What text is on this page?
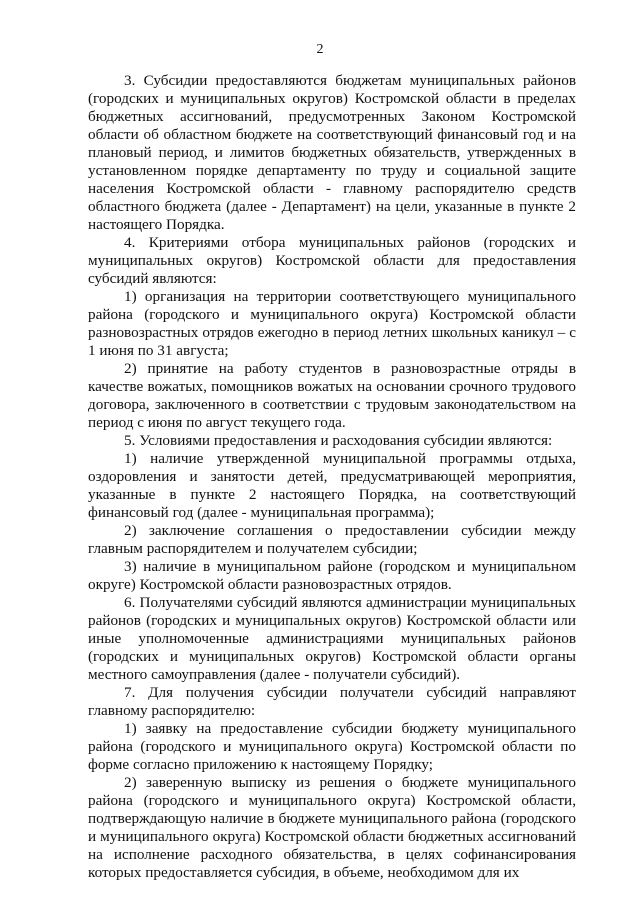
2

3. Субсидии предоставляются бюджетам муниципальных районов (городских и муниципальных округов) Костромской области в пределах бюджетных ассигнований, предусмотренных Законом Костромской области об областном бюджете на соответствующий финансовый год и на плановый период, и лимитов бюджетных обязательств, утвержденных в установленном порядке департаменту по труду и социальной защите населения Костромской области - главному распорядителю средств областного бюджета (далее - Департамент) на цели, указанные в пункте 2 настоящего Порядка.

4. Критериями отбора муниципальных районов (городских и муниципальных округов) Костромской области для предоставления субсидий являются:

1) организация на территории соответствующего муниципального района (городского и муниципального округа) Костромской области разновозрастных отрядов ежегодно в период летних школьных каникул – с 1 июня по 31 августа;

2) принятие на работу студентов в разновозрастные отряды в качестве вожатых, помощников вожатых на основании срочного трудового договора, заключенного в соответствии с трудовым законодательством на период с июня по август текущего года.

5. Условиями предоставления и расходования субсидии являются:

1) наличие утвержденной муниципальной программы отдыха, оздоровления и занятости детей, предусматривающей мероприятия, указанные в пункте 2 настоящего Порядка, на соответствующий финансовый год (далее - муниципальная программа);

2) заключение соглашения о предоставлении субсидии между главным распорядителем и получателем субсидии;

3) наличие в муниципальном районе (городском и муниципальном округе) Костромской области разновозрастных отрядов.

6. Получателями субсидий являются администрации муниципальных районов (городских и муниципальных округов) Костромской области или иные уполномоченные администрациями муниципальных районов (городских и муниципальных округов) Костромской области органы местного самоуправления (далее - получатели субсидий).

7. Для получения субсидии получатели субсидий направляют главному распорядителю:

1) заявку на предоставление субсидии бюджету муниципального района (городского и муниципального округа) Костромской области по форме согласно приложению к настоящему Порядку;

2) заверенную выписку из решения о бюджете муниципального района (городского и муниципального округа) Костромской области, подтверждающую наличие в бюджете муниципального района (городского и муниципального округа) Костромской области бюджетных ассигнований на исполнение расходного обязательства, в целях софинансирования которых предоставляется субсидия, в объеме, необходимом для их
